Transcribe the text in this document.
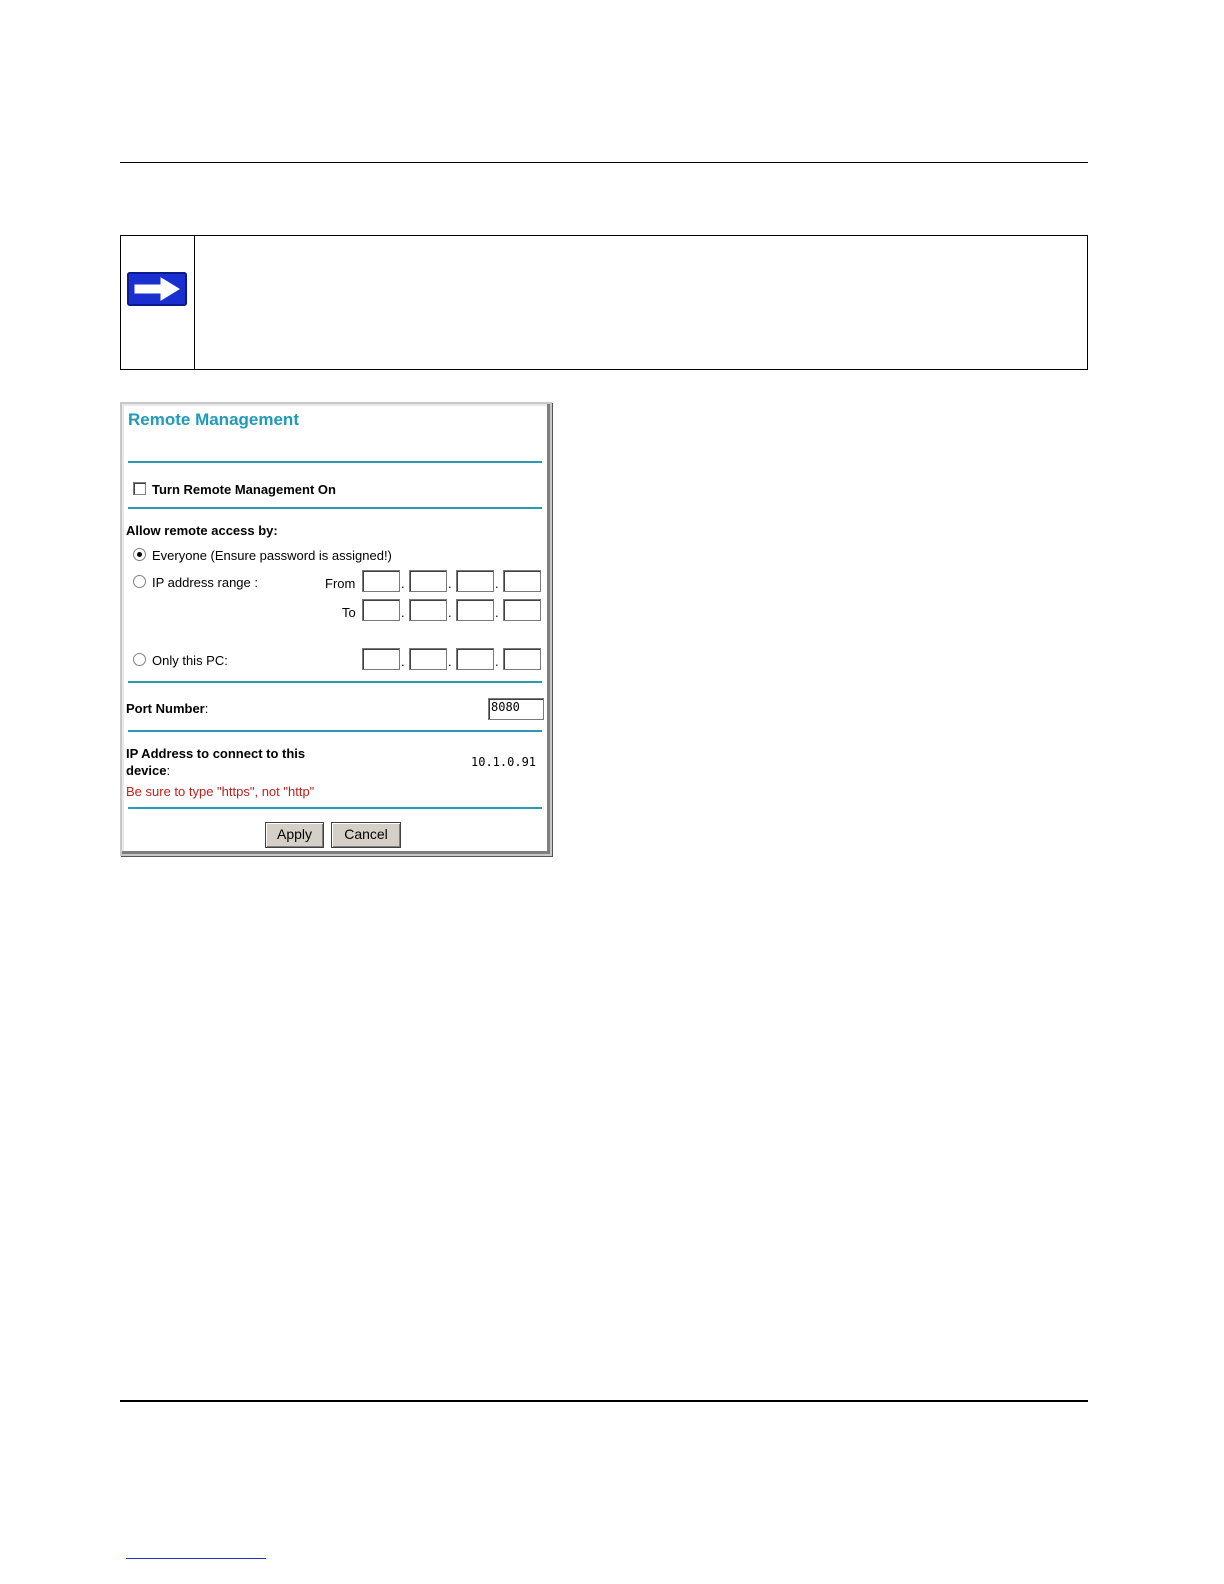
Remote Management
Turn Remote Management On
Allow remote access by:
Everyone (Ensure password is assigned!)
IP address range :	From	.	.	.
To	.	.	.
Only this PC:	.	.	.
Port Number:	8080
IP Address to connect to this
device:
10.1.0.91
Be sure to type "https", not "http"
Apply	Cancel
